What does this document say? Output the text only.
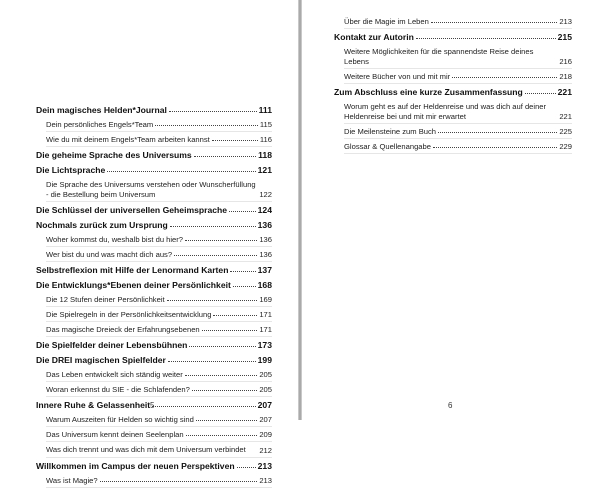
Dein magisches Helden*Journal	111
Dein persönliches Engels*Team	115
Wie du mit deinem Engels*Team arbeiten kannst	116
Die geheime Sprache des Universums	118
Die Lichtsprache	121
Die Sprache des Universums verstehen oder Wunscherfüllung - die Bestellung beim Universum	122
Die Schlüssel der universellen Geheimsprache	124
Nochmals zurück zum Ursprung	136
Woher kommst du, weshalb bist du hier?	136
Wer bist du und was macht dich aus?	136
Selbstreflexion mit Hilfe der Lenormand Karten	137
Die Entwicklungs*Ebenen deiner Persönlichkeit	168
Die 12 Stufen deiner Persönlichkeit	169
Die Spielregeln in der Persönlichkeitsentwicklung	171
Das magische Dreieck der Erfahrungsebenen	171
Die Spielfelder deiner Lebensbühnen	173
Die DREI magischen Spielfelder	199
Das Leben entwickelt sich ständig weiter	205
Woran erkennst du SIE - die Schlafenden?	205
Innere Ruhe & Gelassenheit	207
Warum Auszeiten für Helden so wichtig sind	207
Das Universum kennt deinen Seelenplan	209
Was dich trennt und was dich mit dem Universum verbindet	212
Willkommen im Campus der neuen Perspektiven	213
Was ist Magie?	213
5
Über die Magie im Leben	213
Kontakt zur Autorin	215
Weitere Möglichkeiten für die spannendste Reise deines Lebens	216
Weitere Bücher von und mit mir	218
Zum Abschluss eine kurze Zusammenfassung	221
Worum geht es auf der Heldenreise und was dich auf deiner Heldenreise bei und mit mir erwartet	221
Die Meilensteine zum Buch	225
Glossar & Quellenangabe	229
6
